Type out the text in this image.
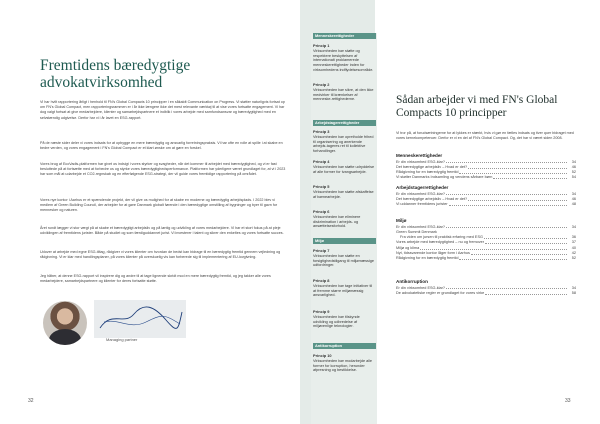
Fremtidens bæredygtige advokatvirksomhed

Vi har hvilt rapportering årligt i henhold til FN's Global Compacts 10 principper i en såkaldt Communication on Progress. Vi støtter naturligvis fortsat op om FN's Global Compact, men rapporteringsrammen er i år ikke længere ikke det mest relevante værktøj til at vise vores fortsatte engagement. Vi har dog valgt fortsat at give medarbejdere, klienter og samarbejdspartnere et indblik i vores arbejde med samfundsansvar og bæredygtighed med en selvstændig udgivelse. Derfor har vi i år lavet en ESG-rapport.

På de næste sider deler vi vores indsats for at opbygge en mere bæredygtig og ansvarlig forretningspraksis. Vi har ofte en rolle at spille i at skabe en bedre verden, og vores engagement i FN's Global Compact er et klart ønske om at gøre en forskel.

Vores brug af EcoVadis-platformen har givet os indsigt i vores styrker og svagheder, når det kommer til arbejdet med bæredygtighed, og vi er fast besluttede på at fortsætte med at forbedre os og styrke vores bæredygtighedsperformance. Platformen har yderligere været grundlaget for, at vi i 2023 har som mål at udarbejde et CO2-regnskab og en efterfølgende ESG-strategi, der vil guide vores fremtidige rapportering på området.

Vores nye kontor i Aarhus er et spændende projekt, der vil give os mulighed for at skabe en moderne og bæredygtig arbejdsplads. I 2022 blev vi medlem af Green Building Council, der arbejder for at gøre Danmark globalt førende i den bæredygtige omstilling af bygninger og byer til gavn for mennesker og naturen.

Året rundt lægger vi stor vægt på at skabe et bæredygtigt arbejdsliv og på løntig og udvikling af vores medarbejdere. Vi har et stort fokus på at pleje udviklingen af fremtidens jurister. Både på studiet og som færdiguddannet jurist. Vi investerer i talent og sikrer den enkeltes og vores fortsatte succes.

Udover at arbejde med egne ESG-tiltag, rådgiver vi vores klienter om hvordan de bedst kan bidrage til en bæredygtig fremtid gennem vejledning og rådgivning. Vi er klar med handlingsplaner, på vores klienter på overskuelig vis kan forberede sig til implementering af EU-lovgivning.

Jeg håber, at denne ESG-rapport vil inspirere dig og andre til at tage lignende skridt mod en mere bæredygtig fremtid, og jeg takker alle vores medarbejdere, samarbejdspartnere og klienter for deres fortsatte støtte.

Managing partner
32
Menneskerettigheder
Princip 1
Virksomheden bør støtte og respektere beskyttelsen af internationalt proklamerede menneskerettigheder inden for virksomhedens indflydelsesområde.
Princip 2
Virksomheden bør sikre, at den ikke medvirker til krænkelser af menneske-rettighederne.
Arbejdstagerrettigheder
Princip 3
Virksomheden bør opretholde frihed til organisering og anerkende arbejds-tageres ret til kollektive forhandlinger.
Princip 4
Virksomheden bør støtte udryddelse af alle former for tvangsarbejde.
Princip 5
Virksomheden bør støtte afskaffelse af børnearbejde.
Princip 6
Virksomheden bør eliminere diskrimination i arbejds- og ansættelsesforhold.
Miljø
Princip 7
Virksomheden bør støtte en forsigtighedstilgang til miljømæssige udfordringer.
Princip 8
Virksomheden bør tage initiativer til at fremme større miljømæssig ansvarlighed.
Princip 9
Virksomheden bør tilskynde udvikling og udbredelse af miljøvenlige teknologier.
Antikorruption
Princip 10
Virksomheden bør modarbejde alle former for korruption, herunder afpresning og bestikkelse.
Sådan arbejder vi med FN's Global Compacts 10 principper

Vi tror på, at forudsætningerne for at lykkes er stærkt, hvis vi gør en fælles indsats og tiver quer bidraget med vores kernekompetencer. Derfor er vi en del af FN's Global Compact. Og, det har vi været siden 2008.

Menneskerettigheder
Er din virksomhed ESG-klar?	34
Det bæredygtige arbejdsliv – Hvad er det?	46
Rådgivning for en bæredygtig fremtid	52
Vi støtter Danmarks Indsamling og vendens sårbare børn	54
Arbejdstagerrettigheder
Er din virksomhed ESG-klar?	34
Det bæredygtige arbejdsliv – Hvad er det?	46
Vi uddanner fremtidens jurister	48
Miljø
Er din virksomhed ESG-klar?	34
Green Summit Denmark
Fra viden om jursen til praktisk erfaring med ESG	36
Vores arbejde med bæredygtighed – nu og fremover	37
Miljø og klima	40
Nyt, tidssvarende kontor låger form i Aarhus	42
Rådgivning for en bæredygtig fremtid	52
Antikorruption
Er din virksomhed ESG-klar?	34
De advokatetiske regler er grundlaget for vores virke	58
33
